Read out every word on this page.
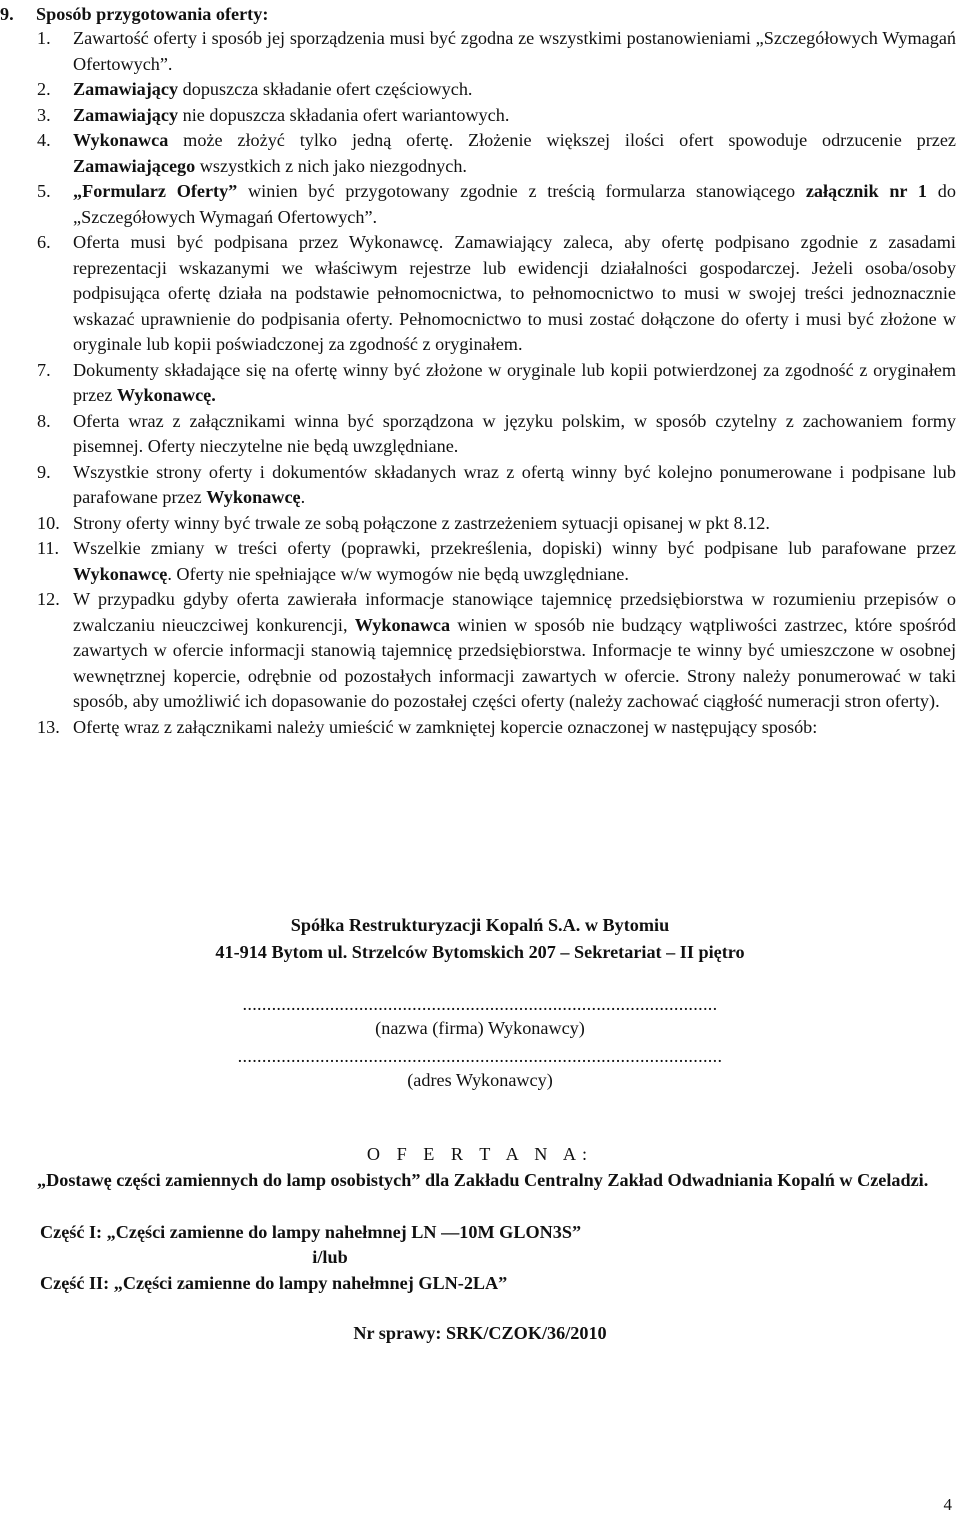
9. Sposób przygotowania oferty:
1. Zawartość oferty i sposób jej sporządzenia musi być zgodna ze wszystkimi postanowieniami „Szczegółowych Wymagań Ofertowych”.
2. Zamawiający dopuszcza składanie ofert częściowych.
3. Zamawiający nie dopuszcza składania ofert wariantowych.
4. Wykonawca może złożyć tylko jedną ofertę. Złożenie większej ilości ofert spowoduje odrzucenie przez Zamawiającego wszystkich z nich jako niezgodnych.
5. „Formularz Oferty” winien być przygotowany zgodnie z treścią formularza stanowiącego załącznik nr 1 do „Szczegółowych Wymagań Ofertowych”.
6. Oferta musi być podpisana przez Wykonawcę. Zamawiający zaleca, aby ofertę podpisano zgodnie z zasadami reprezentacji wskazanymi we właściwym rejestrze lub ewidencji działalności gospodarczej. Jeżeli osoba/osoby podpisująca ofertę działa na podstawie pełnomocnictwa, to pełnomocnictwo to musi w swojej treści jednoznacznie wskazać uprawnienie do podpisania oferty. Pełnomocnictwo to musi zostać dołączone do oferty i musi być złożone w oryginale lub kopii poświadczonej za zgodność z oryginałem.
7. Dokumenty składające się na ofertę winny być złożone w oryginale lub kopii potwierdzonej za zgodność z oryginałem przez Wykonawcę.
8. Oferta wraz z załącznikami winna być sporządzona w języku polskim, w sposób czytelny z zachowaniem formy pisemnej. Oferty nieczytelne nie będą uwzględniane.
9. Wszystkie strony oferty i dokumentów składanych wraz z ofertą winny być kolejno ponumerowane i podpisane lub parafowane przez Wykonawcę.
10. Strony oferty winny być trwale ze sobą połączone z zastrzeżeniem sytuacji opisanej w pkt 8.12.
11. Wszelkie zmiany w treści oferty (poprawki, przekreślenia, dopiski) winny być podpisane lub parafowane przez Wykonawcę. Oferty nie spełniające w/w wymogów nie będą uwzględniane.
12. W przypadku gdyby oferta zawierała informacje stanowiące tajemnicę przedsiębiorstwa w rozumieniu przepisów o zwalczaniu nieuczciwej konkurencji, Wykonawca winien w sposób nie budzący wątpliwości zastrzec, które spośród zawartych w ofercie informacji stanowią tajemnicę przedsiębiorstwa. Informacje te winny być umieszczone w osobnej wewnętrznej kopercie, odrębnie od pozostałych informacji zawartych w ofercie. Strony należy ponumerować w taki sposób, aby umożliwić ich dopasowanie do pozostałej części oferty (należy zachować ciągłość numeracji stron oferty).
13. Ofertę wraz z załącznikami należy umieścić w zamkniętej kopercie oznaczonej w następujący sposób:
Spółka Restrukturyzacji Kopalń S.A. w Bytomiu
41-914 Bytom ul. Strzelców Bytomskich 207 – Sekretariat – II piętro
..................................................................................................
(nazwa (firma) Wykonawcy)
....................................................................................................
(adres Wykonawcy)
O F E R T A N A:

„Dostawę części zamiennych do lamp osobistych” dla Zakładu Centralny Zakład Odwadniania Kopalń w Czeladzi.

Część I: „Części zamienne do lampy nahełmnej LN —10M GLON3S”
i/lub
Część II: „Części zamienne do lampy nahełmnej GLN-2LA”
Nr sprawy: SRK/CZOK/36/2010
4
